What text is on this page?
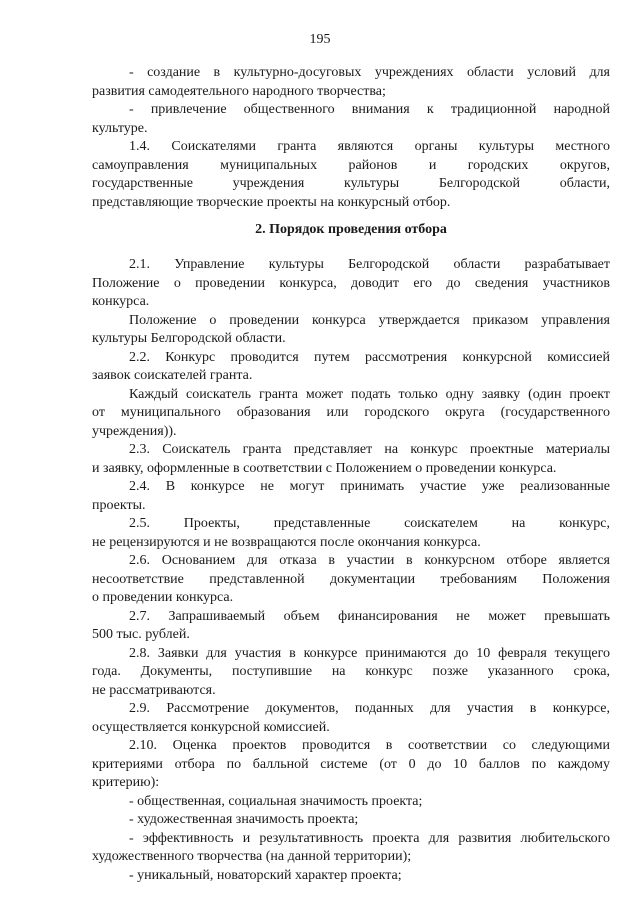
195

- создание в культурно-досуговых учреждениях области условий для
развития самодеятельного народного творчества;

- привлечение общественного внимания к традиционной народной
культуре.

1.4. Соискателями гранта являются органы культуры местного
самоуправления муниципальных районов и городских округов,
государственные учреждения культуры Белгородской области,
представляющие творческие проекты на конкурсный отбор.

2. Порядок проведения отбора

2.1. Управление культуры Белгородской области разрабатывает
Положение о проведении конкурса, доводит его до сведения участников
конкурса.

Положение о проведении конкурса утверждается приказом управления
культуры Белгородской области.

2.2. Конкурс проводится путем рассмотрения конкурсной комиссией
заявок соискателей гранта.

Каждый соискатель гранта может подать только одну заявку (один проект
от муниципального образования или городского округа (государственного
учреждения)).

2.3. Соискатель гранта представляет на конкурс проектные материалы
и заявку, оформленные в соответствии с Положением о проведении конкурса.

2.4. В конкурсе не могут принимать участие уже реализованные
проекты.

2.5. Проекты, представленные соискателем на конкурс,
не рецензируются и не возвращаются после окончания конкурса.

2.6. Основанием для отказа в участии в конкурсном отборе является
несоответствие представленной документации требованиям Положения
о проведении конкурса.

2.7. Запрашиваемый объем финансирования не может превышать
500 тыс. рублей.

2.8. Заявки для участия в конкурсе принимаются до 10 февраля текущего
года. Документы, поступившие на конкурс позже указанного срока,
не рассматриваются.

2.9. Рассмотрение документов, поданных для участия в конкурсе,
осуществляется конкурсной комиссией.

2.10. Оценка проектов проводится в соответствии со следующими
критериями отбора по балльной системе (от 0 до 10 баллов по каждому
критерию):

- общественная, социальная значимость проекта;

- художественная значимость проекта;

- эффективность и результативность проекта для развития любительского
художественного творчества (на данной территории);

- уникальный, новаторский характер проекта;
